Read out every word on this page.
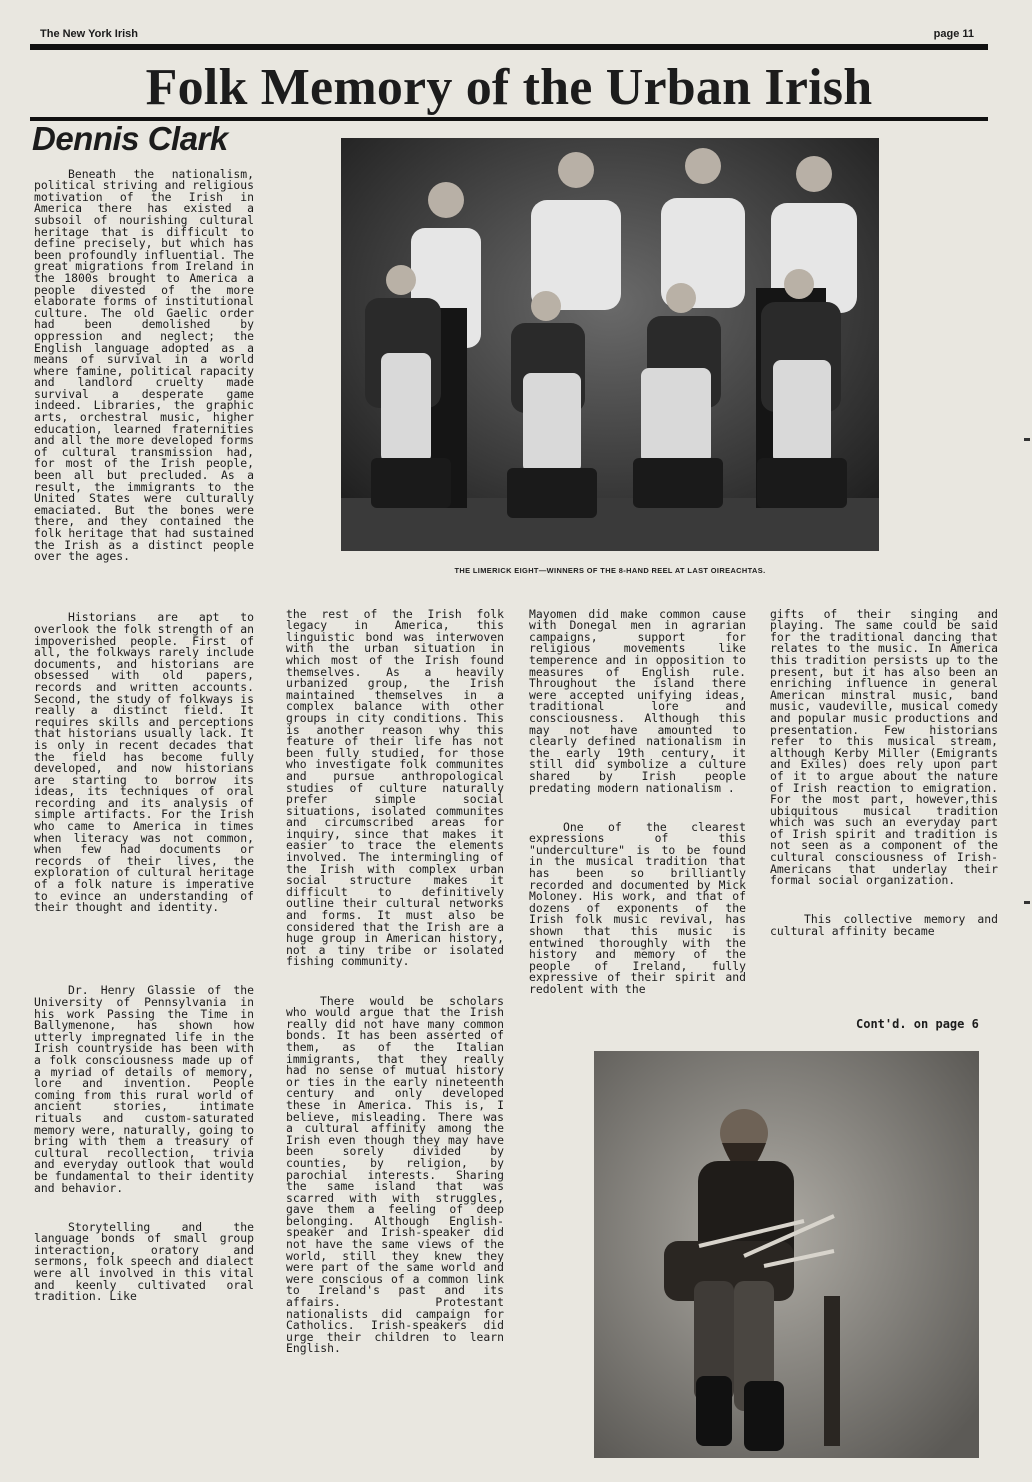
The New York Irish	page 11
Folk Memory of the Urban Irish
Dennis Clark
THE LIMERICK EIGHT—WINNERS OF THE 8-HAND REEL AT LAST OIREACHTAS.

Beneath the nationalism, political striving and religious motivation of the Irish in America there has existed a subsoil of nourishing cultural heritage that is difficult to define precisely, but which has been profoundly influential. The great migrations from Ireland in the 1800s brought to America a people divested of the more elaborate forms of institutional culture. The old Gaelic order had been demolished by oppression and neglect; the English language adopted as a means of survival in a world where famine, political rapacity and landlord cruelty made survival a desperate game indeed. Libraries, the graphic arts, orchestral music, higher education, learned fraternities and all the more developed forms of cultural transmission had, for most of the Irish people, been all but precluded. As a result, the immigrants to the United States were culturally emaciated. But the bones were there, and they contained the folk heritage that had sustained the Irish as a distinct people over the ages.

Historians are apt to overlook the folk strength of an impoverished people. First of all, the folkways rarely include documents, and historians are obsessed with old papers, records and written accounts. Second, the study of folkways is really a distinct field. It requires skills and perceptions that historians usually lack. It is only in recent decades that the field has become fully developed, and now historians are starting to borrow its ideas, its techniques of oral recording and its analysis of simple artifacts. For the Irish who came to America in times when literacy was not common, when few had documents or records of their lives, the exploration of cultural heritage of a folk nature is imperative to evince an understanding of their thought and identity.

Dr. Henry Glassie of the University of Pennsylvania in his work Passing the Time in Ballymenone, has shown how utterly impregnated life in the Irish countryside has been with a folk consciousness made up of a myriad of details of memory, lore and invention. People coming from this rural world of ancient stories, intimate rituals and custom-saturated memory were, naturally, going to bring with them a treasury of cultural recollection, trivia and everyday outlook that would be fundamental to their identity and behavior.

Storytelling and the language bonds of small group interaction, oratory and sermons, folk speech and dialect were all involved in this vital and keenly cultivated oral tradition. Like

the rest of the Irish folk legacy in America, this linguistic bond was interwoven with the urban situation in which most of the Irish found themselves. As a heavily urbanized group, the Irish maintained themselves in a complex balance with other groups in city conditions. This is another reason why this feature of their life has not been fully studied, for those who investigate folk communites and pursue anthropological studies of culture naturally prefer simple social situations, isolated communites and circumscribed areas for inquiry, since that makes it easier to trace the elements involved. The intermingling of the Irish with complex urban social structure makes it difficult to definitively outline their cultural networks and forms. It must also be considered that the Irish are a huge group in American history, not a tiny tribe or isolated fishing community.

There would be scholars who would argue that the Irish really did not have many common bonds. It has been asserted of them, as of the Italian immigrants, that they really had no sense of mutual history or ties in the early nineteenth century and only developed these in America. This is, I believe, misleading. There was a cultural affinity among the Irish even though they may have been sorely divided by counties, by religion, by parochial interests. Sharing the same island that was scarred with with struggles, gave them a feeling of deep belonging. Although English-speaker and Irish-speaker did not have the same views of the world, still they knew they were part of the same world and were conscious of a common link to Ireland's past and its affairs. Protestant nationalists did campaign for Catholics. Irish-speakers did urge their children to learn English.

Mayomen did make common cause with Donegal men in agrarian campaigns, support for religious movements like temperence and in opposition to measures of English rule. Throughout the island there were accepted unifying ideas, traditional lore and consciousness. Although this may not have amounted to clearly defined nationalism in the early 19th century, it still did symbolize a culture shared by Irish people predating modern nationalism .

One of the clearest expressions of this "underculture" is to be found in the musical tradition that has been so brilliantly recorded and documented by Mick Moloney. His work, and that of dozens of exponents of the Irish folk music revival, has shown that this music is entwined thoroughly with the history and memory of the people of Ireland, fully expressive of their spirit and redolent with the

gifts of their singing and playing. The same could be said for the traditional dancing that relates to the music. In America this tradition persists up to the present, but it has also been an enriching influence in general American minstral music, band music, vaudeville, musical comedy and popular music productions and presentation. Few historians refer to this musical stream, although Kerby Miller (Emigrants and Exiles) does rely upon part of it to argue about the nature of Irish reaction to emigration. For the most part, however,this ubiquitous musical tradition which was such an everyday part of Irish spirit and tradition is not seen as a component of the cultural consciousness of Irish-Americans that underlay their formal social organization.

This collective memory and cultural affinity became

Cont'd. on page 6
